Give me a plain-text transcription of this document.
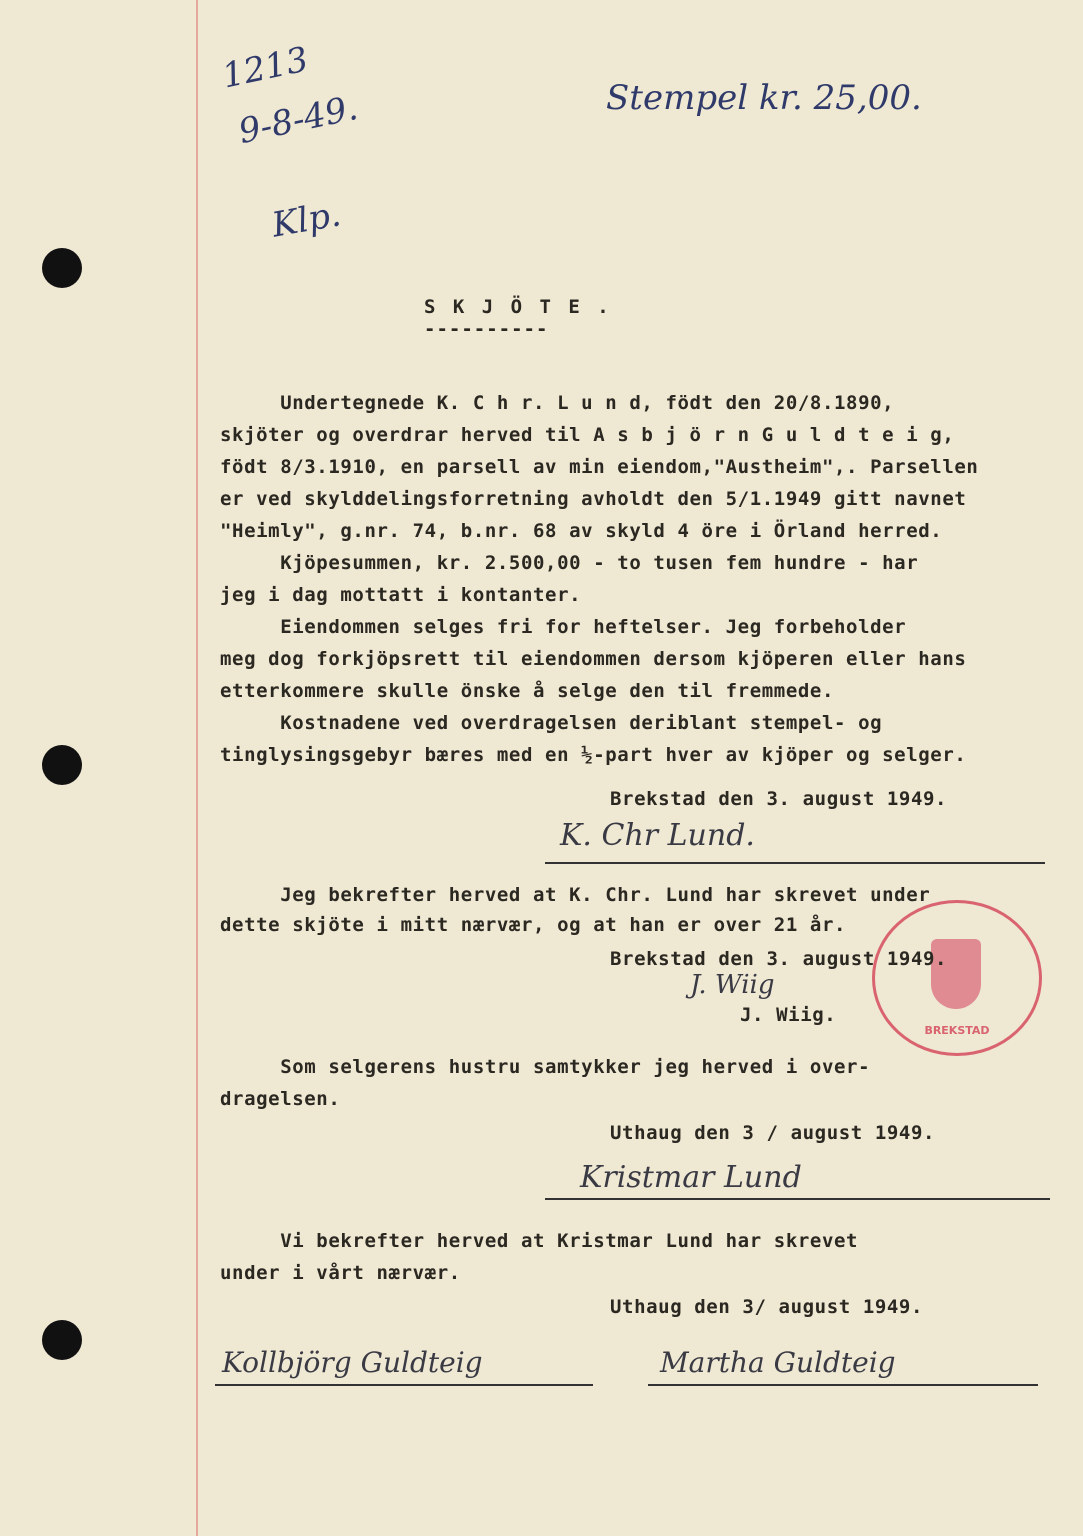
1213
9-8-49.
Klp.
Stempel kr. 25,00.
S K J Ö T E .
----------
Undertegnede K. C h r. L u n d, födt den 20/8.1890,
skjöter og overdrar herved til A s b j ö r n G u l d t e i g,
födt 8/3.1910, en parsell av min eiendom,"Austheim",. Parsellen
er ved skylddelingsforretning avholdt den 5/1.1949 gitt navnet
"Heimly", g.nr. 74, b.nr. 68 av skyld 4 öre i Örland herred.
Kjöpesummen, kr. 2.500,00 - to tusen fem hundre - har
jeg i dag mottatt i kontanter.
Eiendommen selges fri for heftelser. Jeg forbeholder
meg dog forkjöpsrett til eiendommen dersom kjöperen eller hans
etterkommere skulle önske å selge den til fremmede.
Kostnadene ved overdragelsen deriblant stempel- og
tinglysingsgebyr bæres med en ½-part hver av kjöper og selger.
Brekstad den 3. august 1949.
K. Chr Lund.
Jeg bekrefter herved at K. Chr. Lund har skrevet under
dette skjöte i mitt nærvær, og at han er over 21 år.
Brekstad den 3. august 1949.
J. Wiig
J. Wiig.
BREKSTAD
Som selgerens hustru samtykker jeg herved i over-
dragelsen.
Uthaug den 3 / august 1949.
Kristmar Lund
Vi bekrefter herved at Kristmar Lund har skrevet
under i vårt nærvær.
Uthaug den 3/ august 1949.
Kollbjörg Guldteig	Martha Guldteig
